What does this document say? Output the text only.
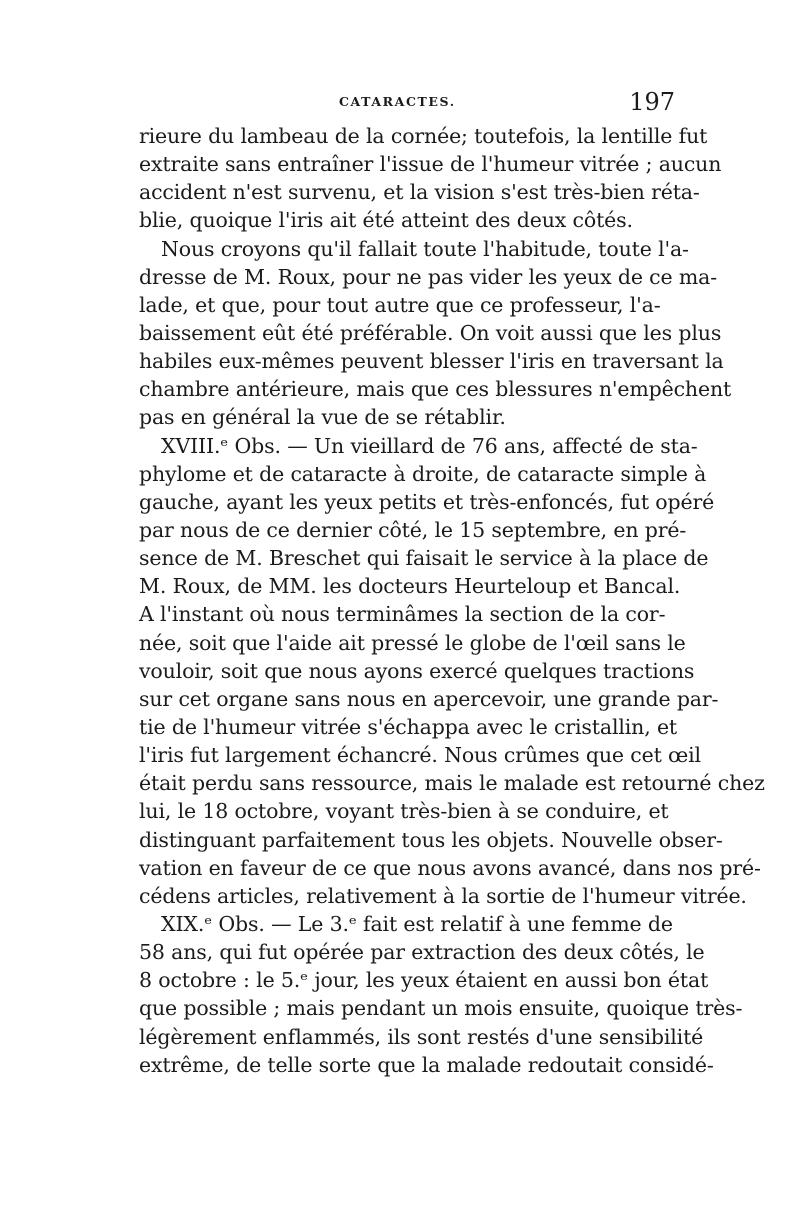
CATARACTES.	197
rieure du lambeau de la cornée; toutefois, la lentille fut
extraite sans entraîner l'issue de l'humeur vitrée ; aucun
accident n'est survenu, et la vision s'est très-bien réta-
blie, quoique l'iris ait été atteint des deux côtés.
Nous croyons qu'il fallait toute l'habitude, toute l'a-
dresse de M. Roux, pour ne pas vider les yeux de ce ma-
lade, et que, pour tout autre que ce professeur, l'a-
baissement eût été préférable. On voit aussi que les plus
habiles eux-mêmes peuvent blesser l'iris en traversant la
chambre antérieure, mais que ces blessures n'empêchent
pas en général la vue de se rétablir.
XVIII.ᵉ Obs. — Un vieillard de 76 ans, affecté de sta-
phylome et de cataracte à droite, de cataracte simple à
gauche, ayant les yeux petits et très-enfoncés, fut opéré
par nous de ce dernier côté, le 15 septembre, en pré-
sence de M. Breschet qui faisait le service à la place de
M. Roux, de MM. les docteurs Heurteloup et Bancal.
A l'instant où nous terminâmes la section de la cor-
née, soit que l'aide ait pressé le globe de l'œil sans le
vouloir, soit que nous ayons exercé quelques tractions
sur cet organe sans nous en apercevoir, une grande par-
tie de l'humeur vitrée s'échappa avec le cristallin, et
l'iris fut largement échancré. Nous crûmes que cet œil
était perdu sans ressource, mais le malade est retourné chez
lui, le 18 octobre, voyant très-bien à se conduire, et
distinguant parfaitement tous les objets. Nouvelle obser-
vation en faveur de ce que nous avons avancé, dans nos pré-
cédens articles, relativement à la sortie de l'humeur vitrée.
XIX.ᵉ Obs. — Le 3.ᵉ fait est relatif à une femme de
58 ans, qui fut opérée par extraction des deux côtés, le
8 octobre : le 5.ᵉ jour, les yeux étaient en aussi bon état
que possible ; mais pendant un mois ensuite, quoique très-
légèrement enflammés, ils sont restés d'une sensibilité
extrême, de telle sorte que la malade redoutait considé-
